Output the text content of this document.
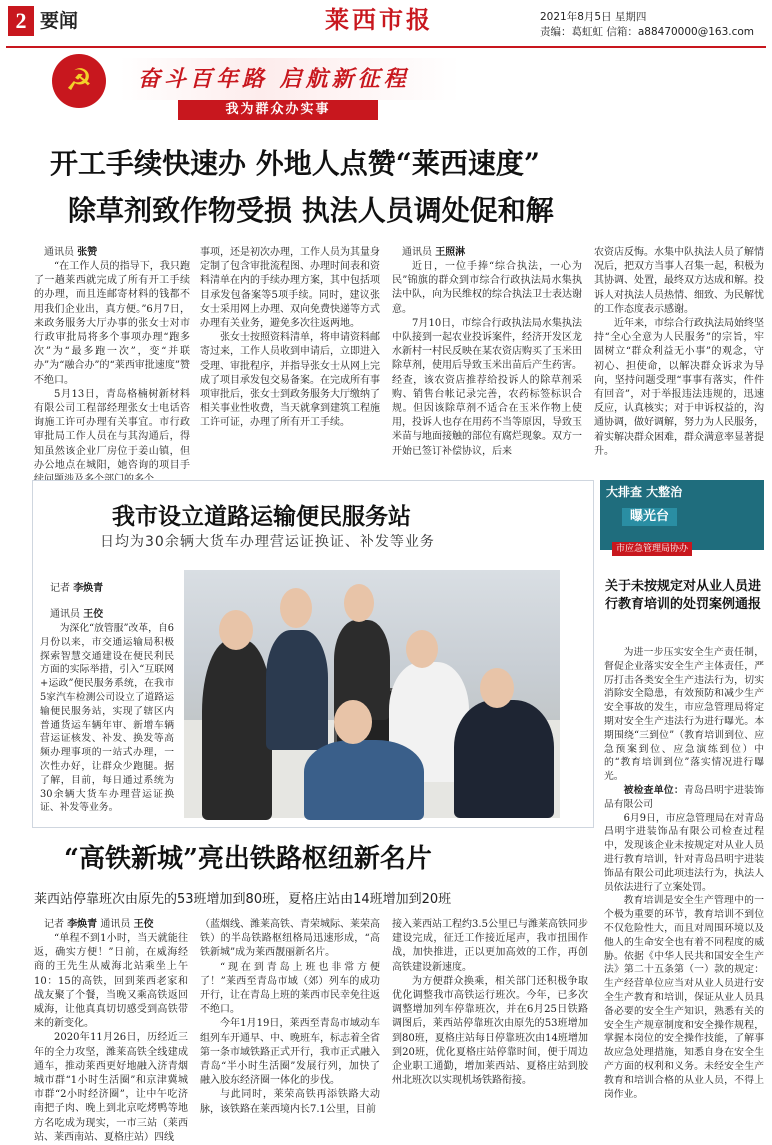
2 要闻	莱西市报	2021年8月5日 星期四
责编：葛虹虹 信箱：a88470000@163.com
☭	奋斗百年路 启航新征程
我为群众办实事
开工手续快速办 外地人点赞“莱西速度”
除草剂致作物受损 执法人员调处促和解
　通讯员 张赞

“在工作人员的指导下，我只跑了一趟莱西就完成了所有开工手续的办理，而且连邮寄材料的钱都不用我们企业出，真方便。”6月7日，来政务服务大厅办事的张女士对市行政审批局将多个事项办理“跑多次”为“最多跑一次”，变“并联办”为“融合办”的“莱西审批速度”赞不绝口。

5月13日，青岛格楠树新材料有限公司工程部经理张女士电话咨询施工许可办理有关事宜。市行政审批局工作人员在与其沟通后，得知虽然该企业厂房位于姜山镇，但办公地点在城阳，她咨询的项目手

事项，还是初次办理，工作人员为其量身定制了包含审批流程图、办理时间表和资料清单在内的手续办理方案，其中包括项目承发包备案等5项手续。同时，建议张女士采用网上办理、双向免费快递等方式办理有关业务，避免多次往返两地。

张女士按照资料清单，将申请资料邮寄过来，工作人员收到申请后，立即进入受理、审批程序，并指导张女士从网上完成了项目承发包交易备案。在完成所有事项审批后，张女士到政务服务大厅缴纳了相关事业性收费，当天就拿到建筑工程施工许可证，办理了所有开工手续。

　通讯员 王照淋

近日，一位手捧“综合执法，一心为民”锦旗的群众到市综合行政执法局水集执法中队，向为民维权的综合执法卫士表达谢意。

7月10日，市综合行政执法局水集执法中队接到一起农业投诉案件，经济开发区龙水新村一村民反映在某农资店购买了玉米田除草剂，使用后导致玉米出苗后产生药害。经查，该农资店推荐给投诉人的除草剂采购、销售台帐记录完善，农药标签标识合规。但因该除草剂不适合在玉米作物上使用，投诉人也存在用药不当等原因，导致玉米苗与地面接触的部位有腐烂现象。双方一开始已签订补偿协议，后来

农资店反悔。水集中队执法人员了解情况后，把双方当事人召集一起，积极为其协调、处置，最终双方达成和解。投诉人对执法人员热情、细致、为民解忧的工作态度表示感谢。

近年来，市综合行政执法局始终坚持“全心全意为人民服务”的宗旨，牢固树立“群众利益无小事”的观念，守初心、担使命，以解决群众诉求为导向，坚持问题受理“事事有落实，件件有回音”，对于举报违法违规的，迅速反应，认真核实；对于申诉权益的，沟通协调，做好调解，努力为人民服务，着实解决群众困难，群众满意率显著提升。

我市设立道路运输便民服务站
日均为30余辆大货车办理营运证换证、补发等业务
　记者 李焕青
　通讯员 王佼

为深化“放管服”改革，自6月份以来，市交通运输局积极探索智慧交通建设在便民利民方面的实际举措，引入“互联网+运政”便民服务系统，在我市5家汽车检测公司设立了道路运输便民服务站，实现了辖区内普通货运车辆年审、新增车辆营运证核发、补发、换发等高频办理事项的一站式办理，一次性办好，让群众少跑腿。据了解，目前，每日通过系统为30余辆大货车办理营运证换证、补发等业务。

大排查 大整治
曝光台
市应急管理局协办
关于未按规定对从业人员进行教育培训的处罚案例通报

为进一步压实安全生产责任制，督促企业落实安全生产主体责任，严厉打击各类安全生产违法行为，切实消除安全隐患，有效预防和减少生产安全事故的发生，市应急管理局将定期对安全生产违法行为进行曝光。本期围绕“三到位”（教育培训到位、应急预案到位、应急演练到位）中的“教育培训到位”落实情况进行曝光。

被检查单位：青岛昌明宇进装饰品有限公司

6月9日，市应急管理局在对青岛昌明宇进装饰品有限公司检查过程中，发现该企业未按规定对从业人员进行教育培训，针对青岛昌明宇进装饰品有限公司此项违法行为，执法人员依法进行了立案处罚。

教育培训是安全生产管理中的一个极为重要的环节，教育培训不到位不仅危险性大，而且对周围环境以及他人的生命安全也有着不同程度的威胁。依据《中华人民共和国安全生产法》第二十五条第（一）款的规定：生产经营单位应当对从业人员进行安全生产教育和培训，保证从业人员具备必要的安全生产知识，熟悉有关的安全生产规章制度和安全操作规程，掌握本岗位的安全操作技能，了解事故应急处理措施，知悉自身在安全生产方面的权利和义务。未经安全生产教育和培训合格的从业人员，不得上岗作业。

“高铁新城”亮出铁路枢纽新名片
莱西站停靠班次由原先的53班增加到80班，夏格庄站由14班增加到20班
　记者 李焕青 通讯员 王佼

“单程不到1小时，当天就能往返，确实方便！”日前，在威海经商的王先生从威海北站乘坐上午10：15的高铁，回到莱西老家和战友聚了个餐，当晚又乘高铁返回威海，让他真真切切感受到高铁带来的新变化。

2020年11月26日，历经近三年的全力攻坚，潍莱高铁全线建成通车，推动莱西更好地融入济青烟城市群“1小时生活圈”和京津冀城市群“2小时经济圈”，让中午吃济南把子肉、晚上到北京吃烤鸭等地方名吃成为现实，一市三站（莱西站、莱西南站、夏格庄站）四线

（蓝烟线、潍莱高铁、青荣城际、莱荣高铁）的半岛铁路枢纽格局迅速形成，“高铁新城”成为莱西靓丽新名片。

“现在到青岛上班也非常方便了！”莱西至青岛市域（郊）列车的成功开行，让在青岛上班的莱西市民幸免往返不绝口。

今年1月19日，莱西至青岛市域动车组列车开通早、中、晚班车，标志着全省第一条市域铁路正式开行，我市正式融入青岛“半小时生活圈”发展行列，加快了融入胶东经济圈一体化的步伐。

与此同时，莱荣高铁再添铁路大动脉，该铁路在莱西境内长7.1公里，目前

接入莱西站工程约3.5公里已与潍莱高铁同步建设完成，征迁工作接近尾声，我市扭围作战，加快推进，正以更加高效的工作，再创高铁建设新速度。

为方便群众换乘，相关部门还积极争取优化调整我市高铁运行班次。今年，已多次调整增加列车停靠班次，并在6月25日铁路调图后，莱西站停靠班次由原先的53班增加到80班，夏格庄站每日停靠班次由14班增加到20班，优化夏格庄站停靠时间，便于周边企业职工通勤，增加莱西站、夏格庄站到胶州北班次以实现机场铁路衔接。
